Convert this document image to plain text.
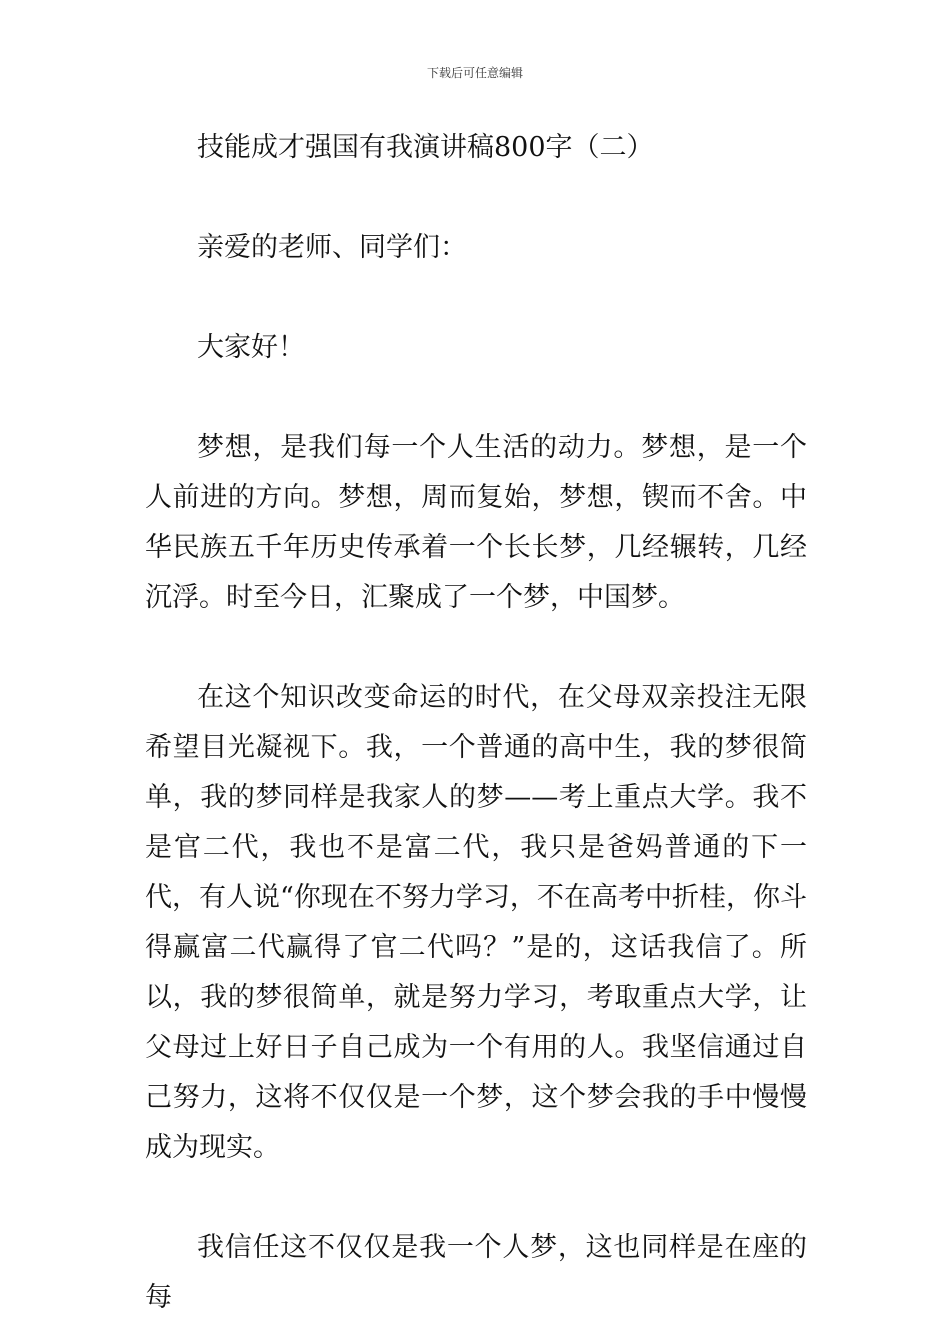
下载后可任意编辑

技能成才强国有我演讲稿800字（二）

亲爱的老师、同学们：

大家好！

梦想，是我们每一个人生活的动力。梦想，是一个人前进的方向。梦想，周而复始，梦想，锲而不舍。中华民族五千年历史传承着一个长长梦，几经辗转，几经沉浮。时至今日，汇聚成了一个梦，中国梦。

在这个知识改变命运的时代，在父母双亲投注无限希望目光凝视下。我，一个普通的高中生，我的梦很简单，我的梦同样是我家人的梦——考上重点大学。我不是官二代，我也不是富二代，我只是爸妈普通的下一代，有人说“你现在不努力学习，不在高考中折桂，你斗得赢富二代赢得了官二代吗？”是的，这话我信了。所以，我的梦很简单，就是努力学习，考取重点大学，让父母过上好日子自己成为一个有用的人。我坚信通过自己努力，这将不仅仅是一个梦，这个梦会我的手中慢慢成为现实。

我信任这不仅仅是我一个人梦，这也同样是在座的每
